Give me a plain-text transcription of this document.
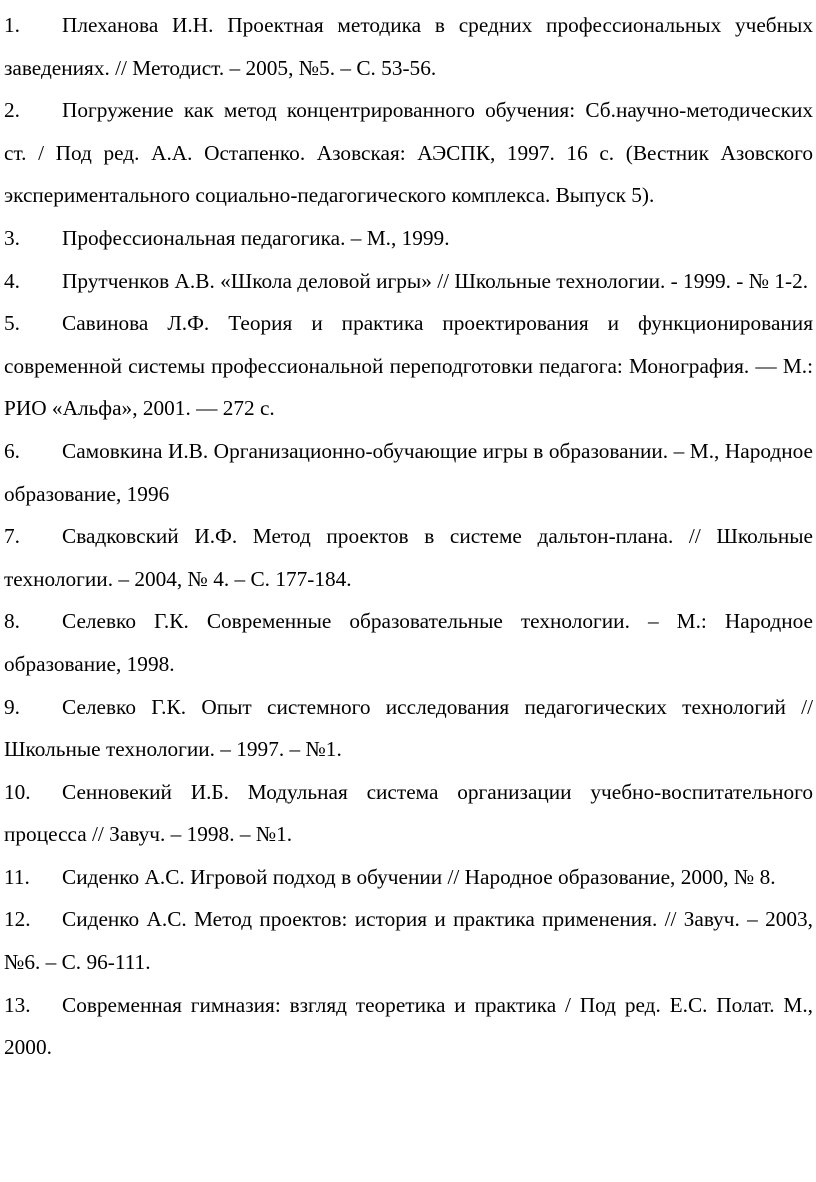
1. Плеханова И.Н. Проектная методика в средних профессиональных учебных заведениях. // Методист. – 2005, №5. – С. 53-56.
2. Погружение как метод концентрированного обучения: Сб.научно-методических ст. / Под ред. А.А. Остапенко. Азовская: АЭСПК, 1997. 16 с. (Вестник Азовского экспериментального социально-педагогического комплекса. Выпуск 5).
3. Профессиональная педагогика. – М., 1999.
4. Прутченков А.В. «Школа деловой игры» // Школьные технологии. - 1999. - № 1-2.
5. Савинова Л.Ф. Теория и практика проектирования и функционирования современной системы профессиональной переподготовки педагога: Монография. — М.: РИО «Альфа», 2001. — 272 с.
6. Самовкина И.В. Организационно-обучающие игры в образовании. – М., Народное образование, 1996
7. Свадковский И.Ф. Метод проектов в системе дальтон-плана. // Школьные технологии. – 2004, № 4. – С. 177-184.
8. Селевко Г.К. Современные образовательные технологии. – М.: Народное образование, 1998.
9. Селевко Г.К. Опыт системного исследования педагогических технологий // Школьные технологии. – 1997. – №1.
10. Сенновекий И.Б. Модульная система организации учебно-воспитательного процесса // Завуч. – 1998. – №1.
11. Сиденко А.С. Игровой подход в обучении // Народное образование, 2000, № 8.
12. Сиденко А.С. Метод проектов: история и практика применения. // Завуч. – 2003, №6. – С. 96-111.
13. Современная гимназия: взгляд теоретика и практика / Под ред. Е.С. Полат. М., 2000.
